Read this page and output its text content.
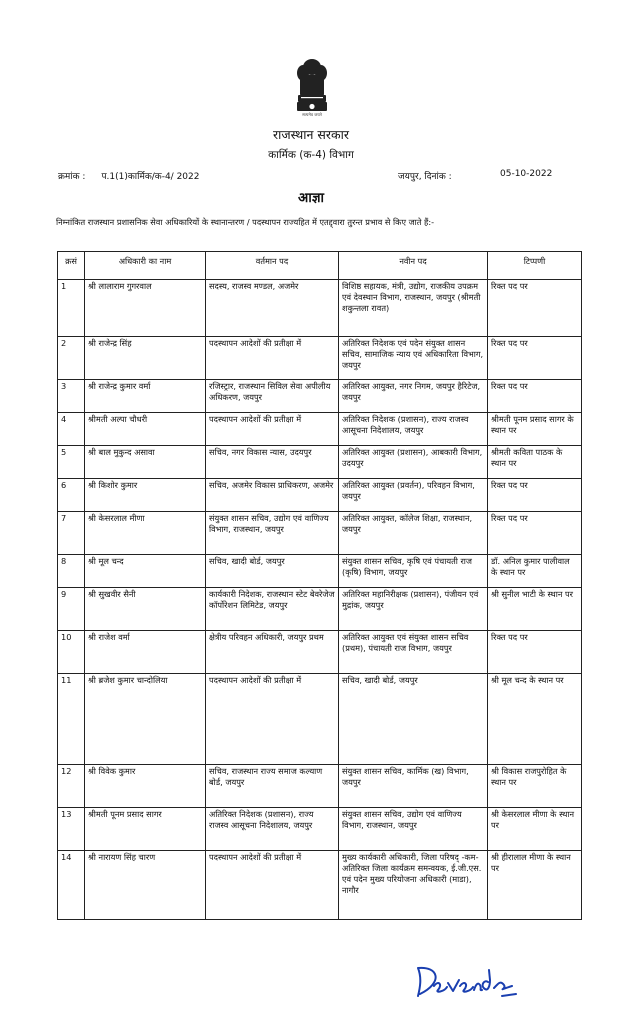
सत्यमेव जयते
राजस्थान सरकार
कार्मिक (क-4) विभाग
क्रमांक : प.1(1)कार्मिक/क-4/ 2022	जयपुर, दिनांक :	05-10-2022
आज्ञा
निम्नांकित राजस्थान प्रशासनिक सेवा अधिकारियों के स्थानान्तरण / पदस्थापन राज्यहित में एतद्द्वारा तुरन्त प्रभाव से किए जाते हैं:-
क्रसं	अधिकारी का नाम	वर्तमान पद	नवीन पद	टिप्पणी
1	श्री लालाराम गुगरवाल	सदस्य, राजस्व मण्डल, अजमेर	विशिष्ठ सहायक, मंत्री, उद्योग, राजकीय उपक्रम एवं देवस्थान विभाग, राजस्थान, जयपुर (श्रीमती शकुन्तला रावत)	रिक्त पद पर
2	श्री राजेन्द्र सिंह	पदस्थापन आदेशों की प्रतीक्षा में	अतिरिक्त निदेशक एवं पदेन संयुक्त शासन सचिव, सामाजिक न्याय एवं अधिकारिता विभाग, जयपुर	रिक्त पद पर
3	श्री राजेन्द्र कुमार वर्मा	रजिस्ट्रार, राजस्थान सिविल सेवा अपीलीय अधिकरण, जयपुर	अतिरिक्त आयुक्त, नगर निगम, जयपुर हैरिटेज, जयपुर	रिक्त पद पर
4	श्रीमती अल्पा चौधरी	पदस्थापन आदेशों की प्रतीक्षा में	अतिरिक्त निदेशक (प्रशासन), राज्य राजस्व आसूचना निदेशालय, जयपुर	श्रीमती पूनम प्रसाद सागर के स्थान पर
5	श्री बाल मुकुन्द असावा	सचिव, नगर विकास न्यास, उदयपुर	अतिरिक्त आयुक्त (प्रशासन), आबकारी विभाग, उदयपुर	श्रीमती कविता पाठक के स्थान पर
6	श्री किशोर कुमार	सचिव, अजमेर विकास प्राधिकरण, अजमेर	अतिरिक्त आयुक्त (प्रवर्तन), परिवहन विभाग, जयपुर	रिक्त पद पर
7	श्री केसरलाल मीणा	संयुक्त शासन सचिव, उद्योग एवं वाणिज्य विभाग, राजस्थान, जयपुर	अतिरिक्त आयुक्त, कॉलेज शिक्षा, राजस्थान, जयपुर	रिक्त पद पर
8	श्री मूल चन्द	सचिव, खादी बोर्ड, जयपुर	संयुक्त शासन सचिव, कृषि एवं पंचायती राज (कृषि) विभाग, जयपुर	डॉ. अनिल कुमार पालीवाल के स्थान पर
9	श्री सुखवीर सैनी	कार्यकारी निदेशक, राजस्थान स्टेट बेवरेजेज कॉर्पोरेशन लिमिटेड, जयपुर	अतिरिक्त महानिरीक्षक (प्रशासन), पंजीयन एवं मुद्रांक, जयपुर	श्री सुनील भाटी के स्थान पर
10	श्री राजेश वर्मा	क्षेत्रीय परिवहन अधिकारी, जयपुर प्रथम	अतिरिक्त आयुक्त एवं संयुक्त शासन सचिव (प्रथम), पंचायती राज विभाग, जयपुर	रिक्त पद पर
11	श्री ब्रजेश कुमार चान्दोलिया	पदस्थापन आदेशों की प्रतीक्षा में	सचिव, खादी बोर्ड, जयपुर	श्री मूल चन्द के स्थान पर
12	श्री विवेक कुमार	सचिव, राजस्थान राज्य समाज कल्याण बोर्ड, जयपुर	संयुक्त शासन सचिव, कार्मिक (ख) विभाग, जयपुर	श्री विकास राजपुरोहित के स्थान पर
13	श्रीमती पूनम प्रसाद सागर	अतिरिक्त निदेशक (प्रशासन), राज्य राजस्व आसूचना निदेशालय, जयपुर	संयुक्त शासन सचिव, उद्योग एवं वाणिज्य विभाग, राजस्थान, जयपुर	श्री केसरलाल मीणा के स्थान पर
14	श्री नारायण सिंह चारण	पदस्थापन आदेशों की प्रतीक्षा में	मुख्य कार्यकारी अधिकारी, जिला परिषद् -कम- अतिरिक्त जिला कार्यक्रम समन्वयक, ई.जी.एस. एवं पदेन मुख्य परियोजना अधिकारी (माडा), नागौर	श्री हीरालाल मीणा के स्थान पर
